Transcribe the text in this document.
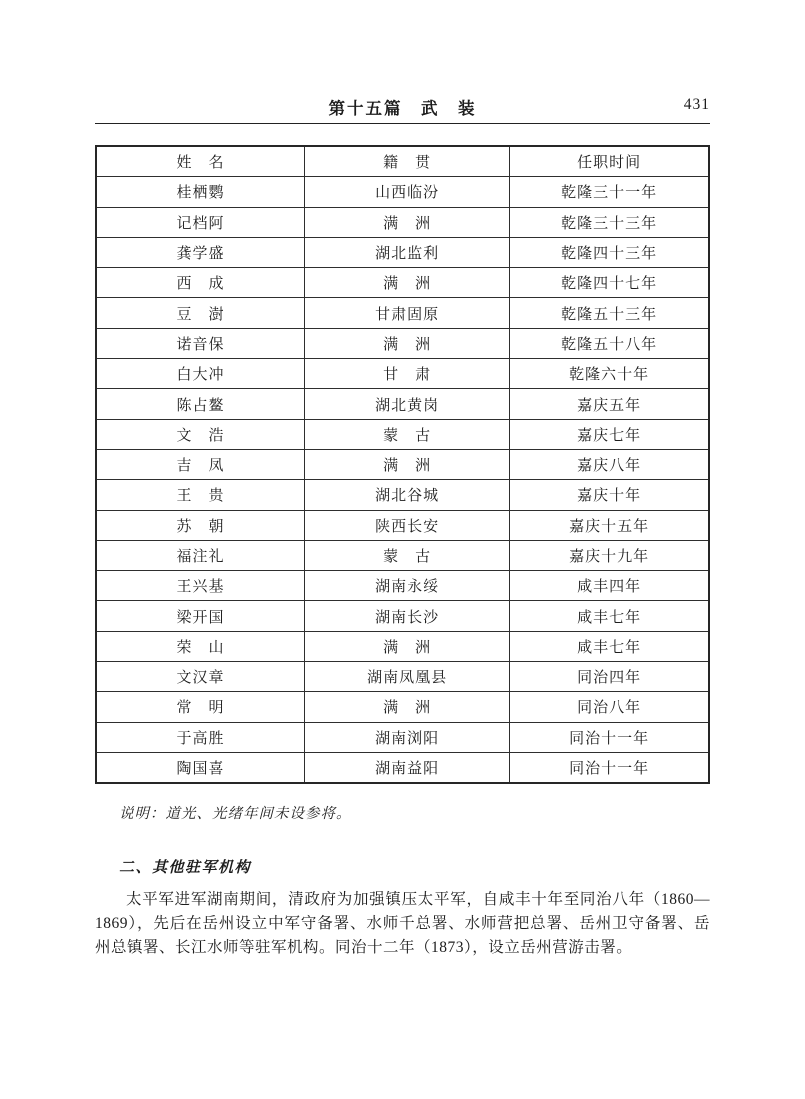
第十五篇　武　装	431
姓　名	籍　贯	任职时间
桂栖鹦	山西临汾	乾隆三十一年
记档阿	满　洲	乾隆三十三年
龚学盛	湖北监利	乾隆四十三年
西　成	满　洲	乾隆四十七年
豆　澍	甘肃固原	乾隆五十三年
诺音保	满　洲	乾隆五十八年
白大冲	甘　肃	乾隆六十年
陈占鳌	湖北黄岗	嘉庆五年
文　浩	蒙　古	嘉庆七年
吉　凤	满　洲	嘉庆八年
王　贵	湖北谷城	嘉庆十年
苏　朝	陕西长安	嘉庆十五年
福注礼	蒙　古	嘉庆十九年
王兴基	湖南永绥	咸丰四年
梁开国	湖南长沙	咸丰七年
荣　山	满　洲	咸丰七年
文汉章	湖南凤凰县	同治四年
常　明	满　洲	同治八年
于高胜	湖南浏阳	同治十一年
陶国喜	湖南益阳	同治十一年
说明：道光、光绪年间未设参将。
二、其他驻军机构
太平军进军湖南期间，清政府为加强镇压太平军，自咸丰十年至同治八年（1860—1869），先后在岳州设立中军守备署、水师千总署、水师营把总署、岳州卫守备署、岳州总镇署、长江水师等驻军机构。同治十二年（1873），设立岳州营游击署。
